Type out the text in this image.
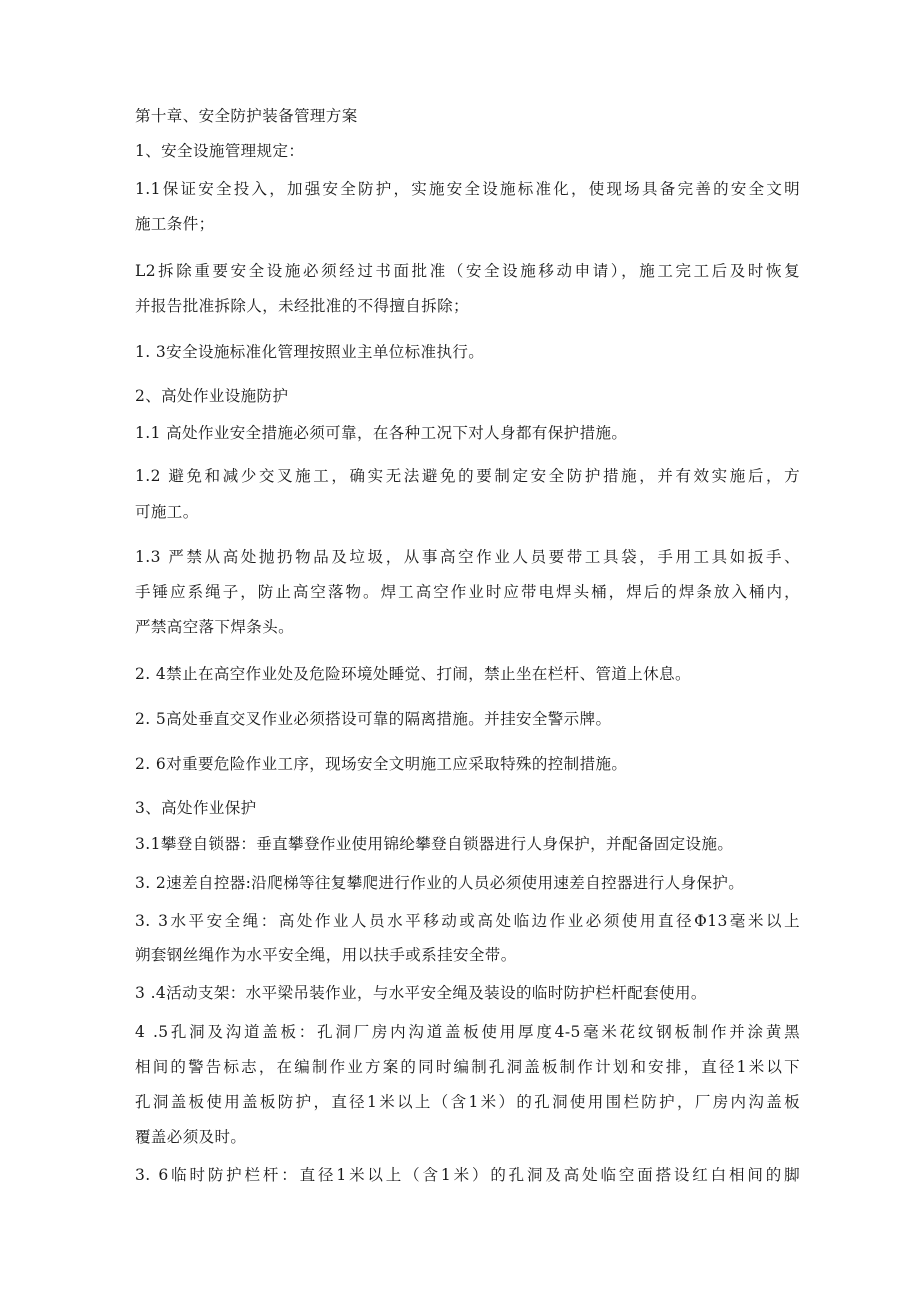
第十章、安全防护装备管理方案
1、安全设施管理规定：
1.1保证安全投入，加强安全防护，实施安全设施标准化，使现场具备完善的安全文明
施工条件；
L2拆除重要安全设施必须经过书面批准（安全设施移动申请），施工完工后及时恢复
并报告批准拆除人，未经批准的不得擅自拆除；
1. 3安全设施标准化管理按照业主单位标准执行。
2、高处作业设施防护
1.1 高处作业安全措施必须可靠，在各种工况下对人身都有保护措施。
1.2 避免和减少交叉施工，确实无法避免的要制定安全防护措施，并有效实施后，方
可施工。
1.3 严禁从高处抛扔物品及垃圾，从事高空作业人员要带工具袋，手用工具如扳手、
手锤应系绳子，防止高空落物。焊工高空作业时应带电焊头桶，焊后的焊条放入桶内，
严禁高空落下焊条头。
2. 4禁止在高空作业处及危险环境处睡觉、打闹，禁止坐在栏杆、管道上休息。
2. 5高处垂直交叉作业必须搭设可靠的隔离措施。并挂安全警示牌。
2. 6对重要危险作业工序，现场安全文明施工应采取特殊的控制措施。
3、高处作业保护
3.1攀登自锁器：垂直攀登作业使用锦纶攀登自锁器进行人身保护，并配备固定设施。
3. 2速差自控器:沿爬梯等往复攀爬进行作业的人员必须使用速差自控器进行人身保护。
3. 3水平安全绳：高处作业人员水平移动或高处临边作业必须使用直径Φ13毫米以上
朔套钢丝绳作为水平安全绳，用以扶手或系挂安全带。
3 .4活动支架：水平梁吊装作业，与水平安全绳及装设的临时防护栏杆配套使用。
4 .5孔洞及沟道盖板：孔洞厂房内沟道盖板使用厚度4-5毫米花纹钢板制作并涂黄黑
相间的警告标志，在编制作业方案的同时编制孔洞盖板制作计划和安排，直径1米以下
孔洞盖板使用盖板防护，直径1米以上（含1米）的孔洞使用围栏防护，厂房内沟盖板
覆盖必须及时。
3. 6临时防护栏杆：直径1米以上（含1米）的孔洞及高处临空面搭设红白相间的脚
